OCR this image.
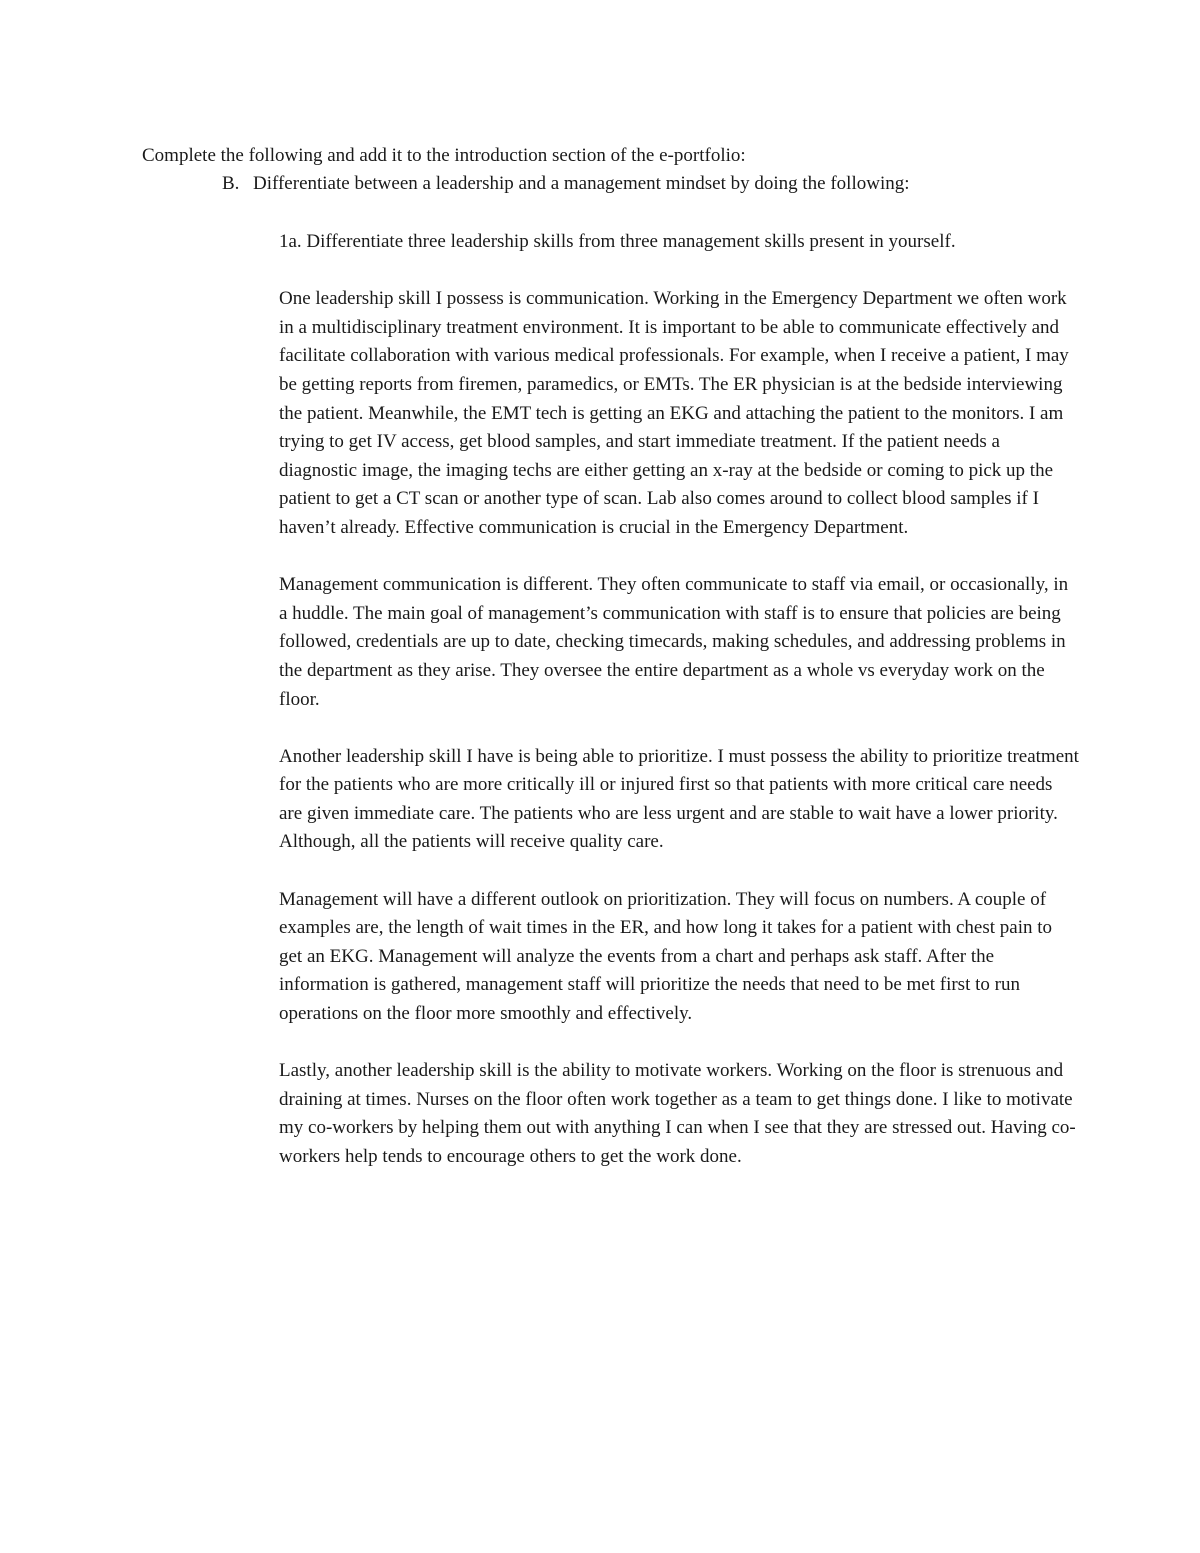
Complete the following and add it to the introduction section of the e-portfolio:
B. Differentiate between a leadership and a management mindset by doing the following:

1a. Differentiate three leadership skills from three management skills present in yourself.

One leadership skill I possess is communication. Working in the Emergency Department we often work in a multidisciplinary treatment environment. It is important to be able to communicate effectively and facilitate collaboration with various medical professionals. For example, when I receive a patient, I may be getting reports from firemen, paramedics, or EMTs. The ER physician is at the bedside interviewing the patient. Meanwhile, the EMT tech is getting an EKG and attaching the patient to the monitors. I am trying to get IV access, get blood samples, and start immediate treatment. If the patient needs a diagnostic image, the imaging techs are either getting an x-ray at the bedside or coming to pick up the patient to get a CT scan or another type of scan. Lab also comes around to collect blood samples if I haven’t already. Effective communication is crucial in the Emergency Department.

Management communication is different. They often communicate to staff via email, or occasionally, in a huddle. The main goal of management’s communication with staff is to ensure that policies are being followed, credentials are up to date, checking timecards, making schedules, and addressing problems in the department as they arise. They oversee the entire department as a whole vs everyday work on the floor.

Another leadership skill I have is being able to prioritize. I must possess the ability to prioritize treatment for the patients who are more critically ill or injured first so that patients with more critical care needs are given immediate care. The patients who are less urgent and are stable to wait have a lower priority. Although, all the patients will receive quality care.

Management will have a different outlook on prioritization. They will focus on numbers. A couple of examples are, the length of wait times in the ER, and how long it takes for a patient with chest pain to get an EKG. Management will analyze the events from a chart and perhaps ask staff. After the information is gathered, management staff will prioritize the needs that need to be met first to run operations on the floor more smoothly and effectively.

Lastly, another leadership skill is the ability to motivate workers. Working on the floor is strenuous and draining at times. Nurses on the floor often work together as a team to get things done. I like to motivate my co-workers by helping them out with anything I can when I see that they are stressed out. Having co-workers help tends to encourage others to get the work done.
